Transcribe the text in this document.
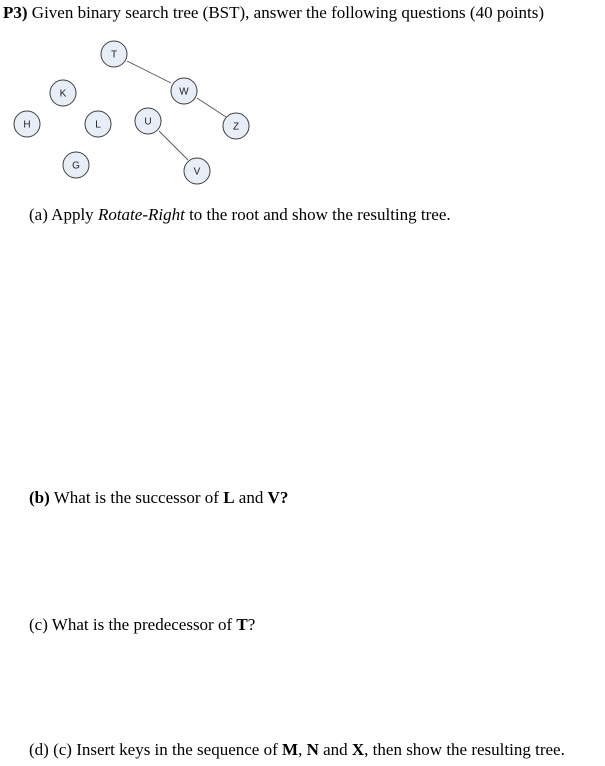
P3) Given binary search tree (BST), answer the following questions (40 points)
T
K	W
H	L	U	Z
G
V
(a) Apply Rotate-Right to the root and show the resulting tree.
(b) What is the successor of L and V?
(c) What is the predecessor of T?
(d) (c) Insert keys in the sequence of M, N and X, then show the resulting tree.
